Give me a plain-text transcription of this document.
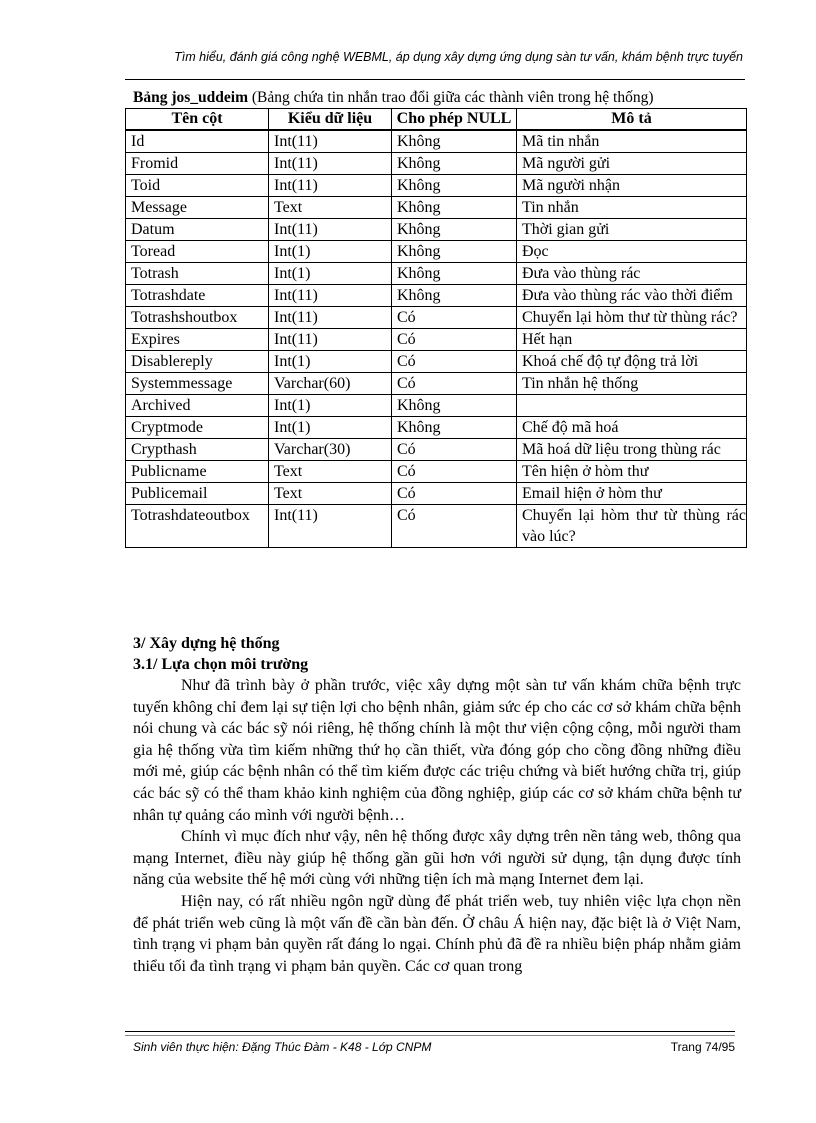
Tìm hiểu, đánh giá công nghệ WEBML, áp dụng xây dựng ứng dụng sàn tư vấn, khám bệnh trực tuyến
Bảng jos_uddeim (Bảng chứa tin nhắn trao đổi giữa các thành viên trong hệ thống)
Tên cột	Kiểu dữ liệu	Cho phép NULL	Mô tả
Id	Int(11)	Không	Mã tin nhắn
Fromid	Int(11)	Không	Mã người gửi
Toid	Int(11)	Không	Mã người nhận
Message	Text	Không	Tin nhắn
Datum	Int(11)	Không	Thời gian gửi
Toread	Int(1)	Không	Đọc
Totrash	Int(1)	Không	Đưa vào thùng rác
Totrashdate	Int(11)	Không	Đưa vào thùng rác vào thời điểm
Totrashshoutbox	Int(11)	Có	Chuyển lại hòm thư từ thùng rác?
Expires	Int(11)	Có	Hết hạn
Disablereply	Int(1)	Có	Khoá chế độ tự động trả lời
Systemmessage	Varchar(60)	Có	Tin nhắn hệ thống
Archived	Int(1)	Không	
Cryptmode	Int(1)	Không	Chế độ mã hoá
Crypthash	Varchar(30)	Có	Mã hoá dữ liệu trong thùng rác
Publicname	Text	Có	Tên hiện ở hòm thư
Publicemail	Text	Có	Email hiện ở hòm thư
Totrashdateoutbox	Int(11)	Có	Chuyển lại hòm thư từ thùng rác vào lúc?
3/ Xây dựng hệ thống
3.1/ Lựa chọn môi trường

Như đã trình bày ở phần trước, việc xây dựng một sàn tư vấn khám chữa bệnh trực tuyến không chỉ đem lại sự tiện lợi cho bệnh nhân, giảm sức ép cho các cơ sở khám chữa bệnh nói chung và các bác sỹ nói riêng, hệ thống chính là một thư viện cộng cộng, mỗi người tham gia hệ thống vừa tìm kiếm những thứ họ cần thiết, vừa đóng góp cho cồng đồng những điều mới mẻ, giúp các bệnh nhân có thể tìm kiếm được các triệu chứng và biết hướng chữa trị, giúp các bác sỹ có thể tham khảo kinh nghiệm của đồng nghiệp, giúp các cơ sở khám chữa bệnh tư nhân tự quảng cáo mình với người bệnh…

Chính vì mục đích như vậy, nên hệ thống được xây dựng trên nền tảng web, thông qua mạng Internet, điều này giúp hệ thống gần gũi hơn với người sử dụng, tận dụng được tính năng của website thế hệ mới cùng với những tiện ích mà mạng Internet đem lại.

Hiện nay, có rất nhiều ngôn ngữ dùng để phát triển web, tuy nhiên việc lựa chọn nền để phát triển web cũng là một vấn đề cần bàn đến. Ở châu Á hiện nay, đặc biệt là ở Việt Nam, tình trạng vi phạm bản quyền rất đáng lo ngại. Chính phủ đã đề ra nhiều biện pháp nhằm giảm thiểu tối đa tình trạng vi phạm bản quyền. Các cơ quan trong

Sinh viên thực hiện: Đặng Thúc Đàm - K48 - Lớp CNPM	Trang 74/95
